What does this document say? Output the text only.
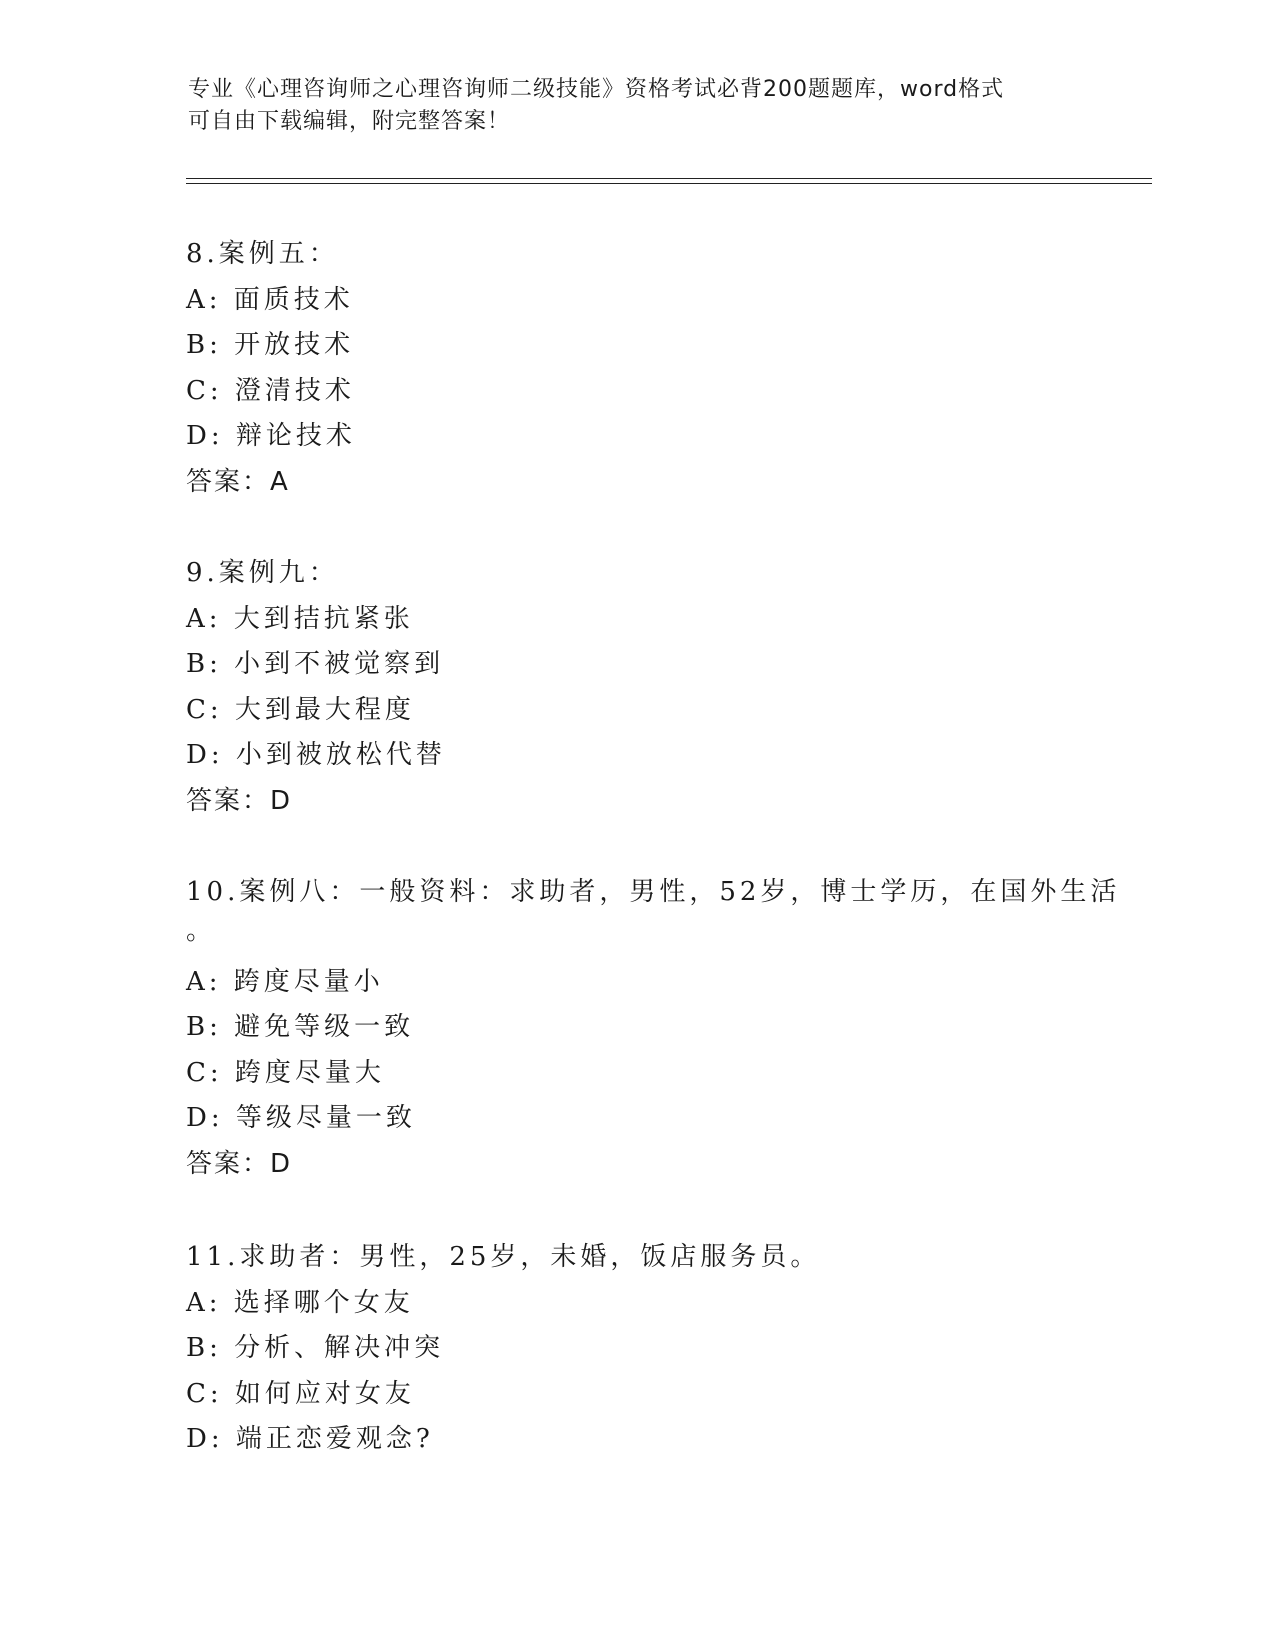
专业《心理咨询师之心理咨询师二级技能》资格考试必背200题题库，word格式
可自由下载编辑，附完整答案！
8.案例五：
A: 面质技术
B: 开放技术
C: 澄清技术
D: 辩论技术
答案：A
9.案例九：
A: 大到拮抗紧张
B: 小到不被觉察到
C: 大到最大程度
D: 小到被放松代替
答案：D
10.案例八：一般资料：求助者，男性，52岁，博士学历，在国外生活
。
A: 跨度尽量小
B: 避免等级一致
C: 跨度尽量大
D: 等级尽量一致
答案：D
11.求助者：男性，25岁，未婚，饭店服务员。
A: 选择哪个女友
B: 分析、解决冲突
C: 如何应对女友
D: 端正恋爱观念?
